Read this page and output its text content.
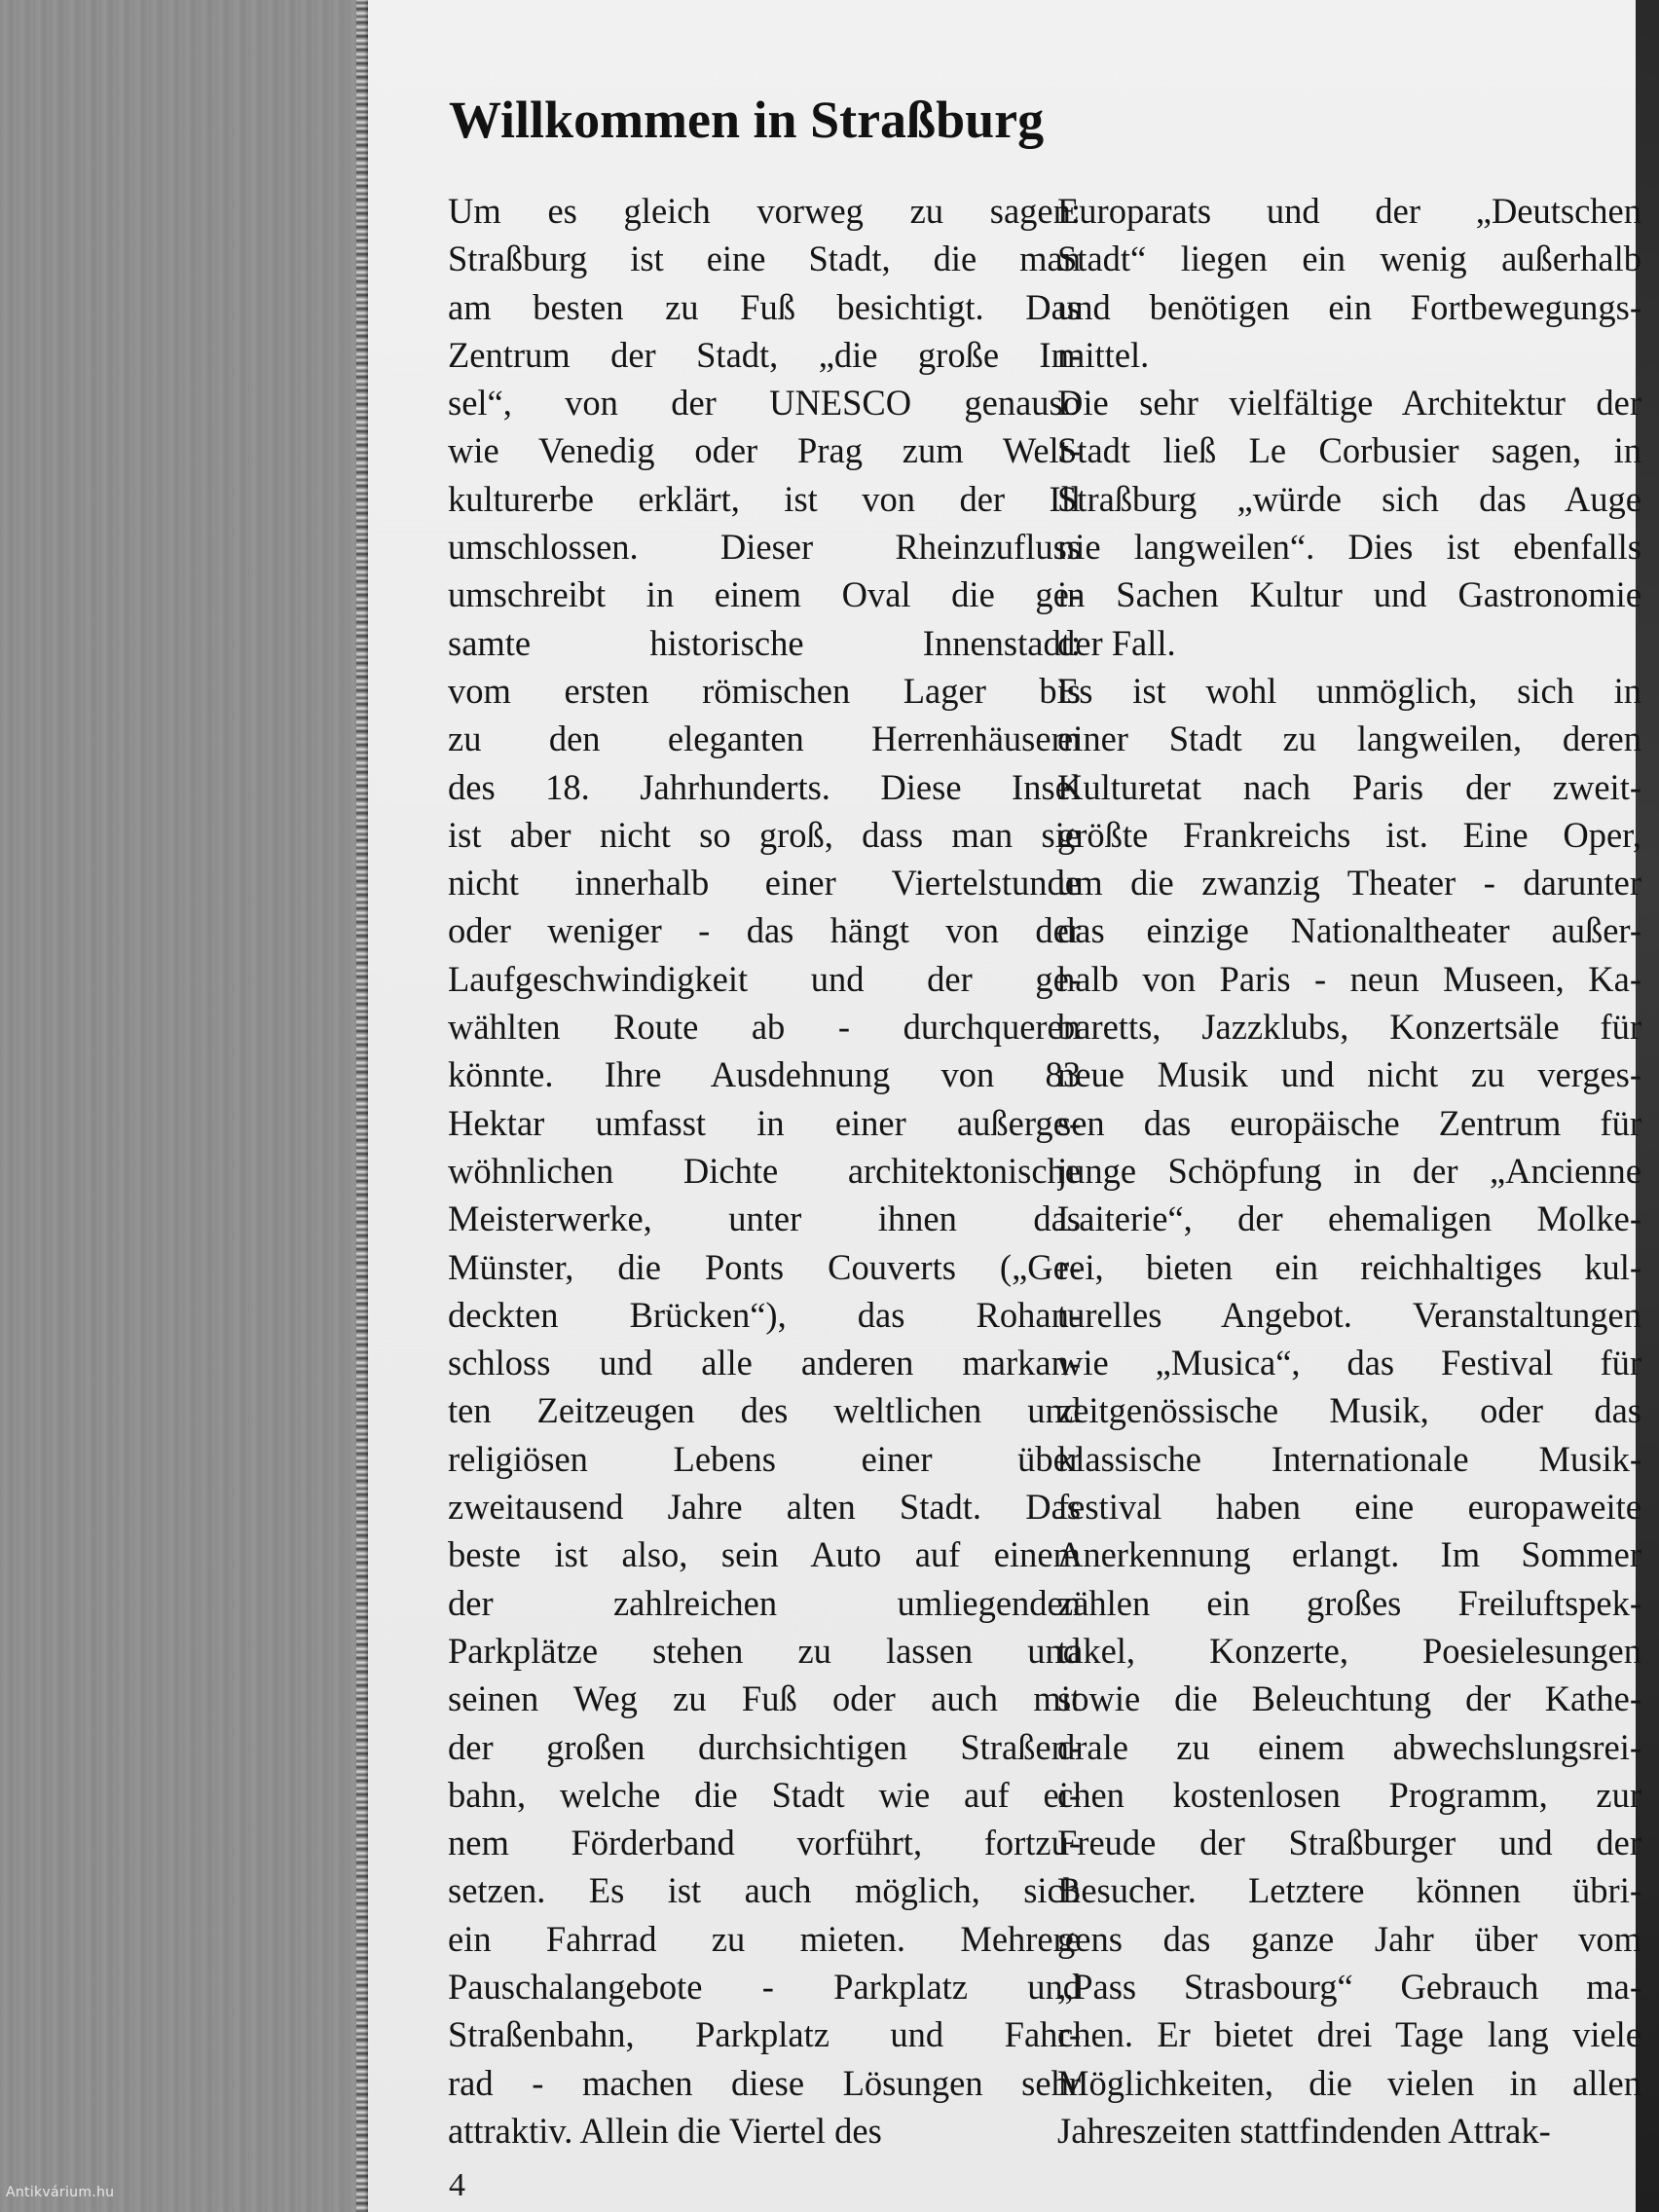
Willkommen in Straßburg
Um es gleich vorweg zu sagen:
Straßburg ist eine Stadt, die man
am besten zu Fuß besichtigt. Das
Zentrum der Stadt, „die große In-
sel“, von der UNESCO genauso
wie Venedig oder Prag zum Welt-
kulturerbe erklärt, ist von der Ill
umschlossen. Dieser Rheinzufluss
umschreibt in einem Oval die ge-
samte historische Innenstadt:
vom ersten römischen Lager bis
zu den eleganten Herrenhäusern
des 18. Jahrhunderts. Diese Insel
ist aber nicht so groß, dass man sie
nicht innerhalb einer Viertelstunde
oder weniger - das hängt von der
Laufgeschwindigkeit und der ge-
wählten Route ab - durchqueren
könnte. Ihre Ausdehnung von 83
Hektar umfasst in einer außerge-
wöhnlichen Dichte architektonische
Meisterwerke, unter ihnen das
Münster, die Ponts Couverts („Ge-
deckten Brücken“), das Rohan-
schloss und alle anderen markan-
ten Zeitzeugen des weltlichen und
religiösen Lebens einer über
zweitausend Jahre alten Stadt. Das
beste ist also, sein Auto auf einem
der zahlreichen umliegenden
Parkplätze stehen zu lassen und
seinen Weg zu Fuß oder auch mit
der großen durchsichtigen Straßen-
bahn, welche die Stadt wie auf ei-
nem Förderband vorführt, fortzu-
setzen. Es ist auch möglich, sich
ein Fahrrad zu mieten. Mehrere
Pauschalangebote - Parkplatz und
Straßenbahn, Parkplatz und Fahr-
rad - machen diese Lösungen sehr
attraktiv. Allein die Viertel des
Europarats und der „Deutschen
Stadt“ liegen ein wenig außerhalb
und benötigen ein Fortbewegungs-
mittel.
Die sehr vielfältige Architektur der
Stadt ließ Le Corbusier sagen, in
Straßburg „würde sich das Auge
nie langweilen“. Dies ist ebenfalls
in Sachen Kultur und Gastronomie
der Fall.
Es ist wohl unmöglich, sich in
einer Stadt zu langweilen, deren
Kulturetat nach Paris der zweit-
größte Frankreichs ist. Eine Oper,
um die zwanzig Theater - darunter
das einzige Nationaltheater außer-
halb von Paris - neun Museen, Ka-
baretts, Jazzklubs, Konzertsäle für
neue Musik und nicht zu verges-
sen das europäische Zentrum für
junge Schöpfung in der „Ancienne
Laiterie“, der ehemaligen Molke-
rei, bieten ein reichhaltiges kul-
turelles Angebot. Veranstaltungen
wie „Musica“, das Festival für
zeitgenössische Musik, oder das
klassische Internationale Musik-
festival haben eine europaweite
Anerkennung erlangt. Im Sommer
zählen ein großes Freiluftspek-
takel, Konzerte, Poesielesungen
sowie die Beleuchtung der Kathe-
drale zu einem abwechslungsrei-
chen kostenlosen Programm, zur
Freude der Straßburger und der
Besucher. Letztere können übri-
gens das ganze Jahr über vom
„Pass Strasbourg“ Gebrauch ma-
chen. Er bietet drei Tage lang viele
Möglichkeiten, die vielen in allen
Jahreszeiten stattfindenden Attrak-
4
Antikvárium.hu
